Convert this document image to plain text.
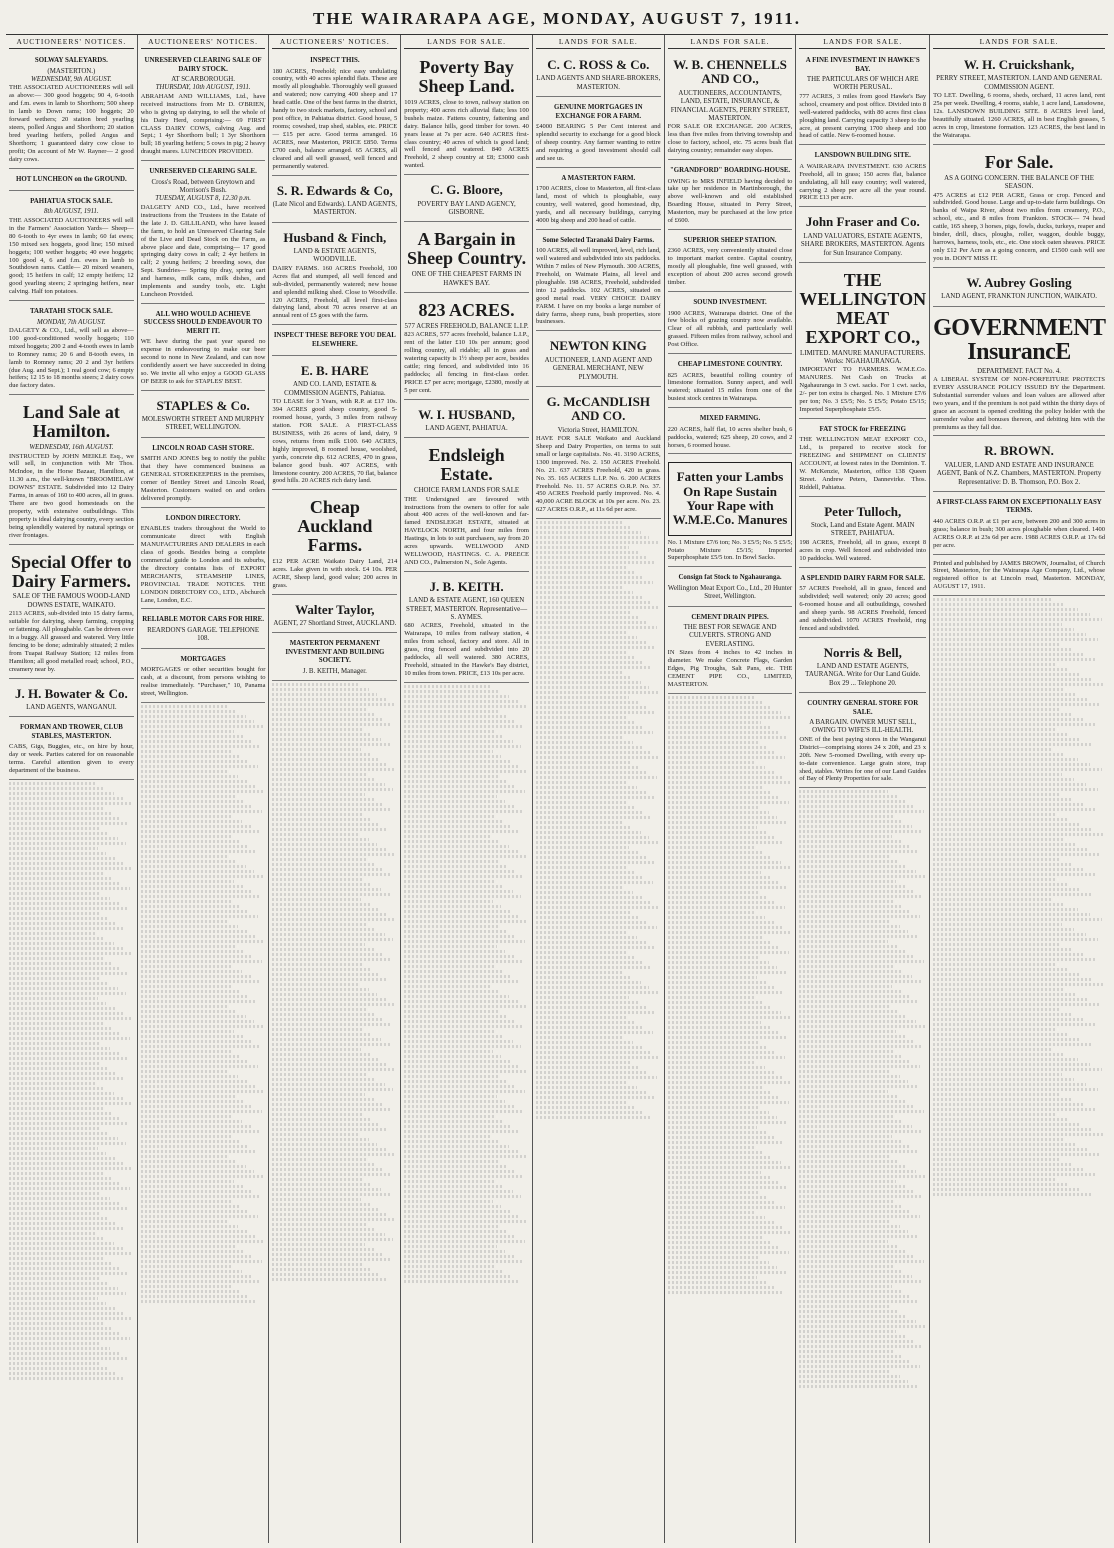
THE WAIRARAPA AGE, MONDAY, AUGUST 7, 1911.
AUCTIONEERS' NOTICES.
SOLWAY SALEYARDS.
(MASTERTON.)
WEDNESDAY, 9th AUGUST.
THE ASSOCIATED AUCTIONEERS will sell as above:— 300 good hoggets; 90 4, 6-tooth and f.m. ewes in lamb to Shorthorn; 500 sheep in lamb to Down rams; 100 hoggets; 20 forward wethers; 20 station bred yearling steers, polled Angus and Shorthorn; 20 station bred yearling heifers, polled Angus and Shorthorn; 1 guaranteed dairy cow close to profit; On account of Mr W. Rayner— 2 good dairy cows.
HOT LUNCHEON on the GROUND.
PAHIATUA STOCK SALE.
8th AUGUST, 1911.
THE ASSOCIATED AUCTIONEERS will sell in the Farmers' Association Yards— Sheep— 80 6-tooth to 4yr ewes in lamb; 60 fat ewes; 150 mixed sex hoggets, good line; 150 mixed hoggets; 100 wether hoggets; 40 ewe hoggets; 100 good 4, 6 and f.m. ewes in lamb to Southdown rams. Cattle— 20 mixed weaners, good; 15 heifers in calf; 12 empty heifers; 12 good yearling steers; 2 springing heifers, near calving. Half ton potatoes.
TARATAHI STOCK SALE.
MONDAY, 7th AUGUST.
DALGETY & CO., Ltd., will sell as above— 100 good-conditioned woolly hoggets; 110 mixed hoggets; 200 2 and 4-tooth ewes in lamb to Romney rams; 20 6 and 8-tooth ewes, in lamb to Romney rams; 20 2 and 3yr heifers (due Aug. and Sept.); 1 real good cow; 6 empty heifers; 12 15 to 18 months steers; 2 dairy cows due factory dates.
Land Sale at Hamilton.
WEDNESDAY, 16th AUGUST.
INSTRUCTED by JOHN MEIKLE Esq., we will sell, in conjunction with Mr Thos. McIndoe, in the Horse Bazaar, Hamilton, at 11.30 a.m., the well-known "BROOMIELAW DOWNS" ESTATE. Subdivided into 12 Dairy Farms, in areas of 160 to 400 acres, all in grass. There are two good homesteads on the property, with extensive outbuildings. This property is ideal dairying country, every section being splendidly watered by natural springs or river frontages.
Special Offer to Dairy Farmers.
SALE OF THE FAMOUS WOOD-LAND DOWNS ESTATE, WAIKATO.
2113 ACRES, sub-divided into 15 dairy farms, suitable for dairying, sheep farming, cropping or fattening. All ploughable. Can be driven over in a buggy. All grassed and watered. Very little fencing to be done; admirably situated; 2 miles from Tuapai Railway Station; 12 miles from Hamilton; all good metalled road; school, P.O., creamery near by.
J. H. Bowater & Co.
LAND AGENTS, WANGANUI.
FORMAN AND TROWER, CLUB STABLES, MASTERTON.
CABS, Gigs, Buggies, etc., on hire by hour, day or week. Parties catered for on reasonable terms. Careful attention given to every department of the business.
AUCTIONEERS' NOTICES.
UNRESERVED CLEARING SALE OF DAIRY STOCK.
AT SCARBOROUGH.
THURSDAY, 10th AUGUST, 1911.
ABRAHAM AND WILLIAMS, Ltd., have received instructions from Mr D. O'BRIEN, who is giving up dairying, to sell the whole of his Dairy Herd, comprising:— 69 FIRST CLASS DAIRY COWS, calving Aug. and Sept.; 1 4yr Shorthorn bull; 1 3yr Shorthorn bull; 18 yearling heifers; 5 cows in pig; 2 heavy draught mares. LUNCHEON PROVIDED.
UNRESERVED CLEARING SALE.
Cross's Road, between Greytown and Morrison's Bush.
TUESDAY, AUGUST 8, 12.30 p.m.
DALGETY AND CO., Ltd., have received instructions from the Trustees in the Estate of the late J. D. GILLILAND, who have leased the farm, to hold an Unreserved Clearing Sale of the Live and Dead Stock on the Farm, as above place and date, comprising— 17 good springing dairy cows in calf; 2 4yr heifers in calf; 2 young heifers; 2 breeding sows, due Sept. Sundries— Spring tip dray, spring cart and harness, milk cans, milk dishes, and implements and sundry tools, etc. Light Luncheon Provided.
ALL WHO WOULD ACHIEVE SUCCESS SHOULD ENDEAVOUR TO MERIT IT.
WE have during the past year spared no expense in endeavouring to make our beer second to none in New Zealand, and can now confidently assert we have succeeded in doing so. We invite all who enjoy a GOOD GLASS OF BEER to ask for STAPLES' BEST.
STAPLES & Co.
MOLESWORTH STREET AND MURPHY STREET, WELLINGTON.
LINCOLN ROAD CASH STORE.
SMITH AND JONES beg to notify the public that they have commenced business as GENERAL STOREKEEPERS in the premises, corner of Bentley Street and Lincoln Road, Masterton. Customers waited on and orders delivered promptly.
LONDON DIRECTORY.
ENABLES traders throughout the World to communicate direct with English MANUFACTURERS AND DEALERS in each class of goods. Besides being a complete commercial guide to London and its suburbs, the directory contains lists of EXPORT MERCHANTS, STEAMSHIP LINES, PROVINCIAL TRADE NOTICES. THE LONDON DIRECTORY CO., LTD., Abchurch Lane, London, E.C.
RELIABLE MOTOR CARS FOR HIRE.
REARDON'S GARAGE. TELEPHONE 108.
MORTGAGES
MORTGAGES or other securities bought for cash, at a discount, from persons wishing to realise immediately. "Purchaser," 10, Panama street, Wellington.
AUCTIONEERS' NOTICES.
INSPECT THIS.
180 ACRES, Freehold; nice easy undulating country, with 40 acres splendid flats. These are mostly all ploughable. Thoroughly well grassed and watered; now carrying 400 sheep and 17 head cattle. One of the best farms in the district, handy to two stock markets, factory, school and post office, in Pahiatua district. Good house, 5 rooms; cowshed, trap shed, stables, etc. PRICE— £15 per acre. Good terms arranged. 16 ACRES, near Masterton, PRICE £850. Terms £700 cash, balance arranged. 65 ACRES, all cleared and all well grassed, well fenced and permanently watered.
S. R. Edwards & Co,
(Late Nicol and Edwards). LAND AGENTS, MASTERTON.
Husband & Finch,
LAND & ESTATE AGENTS, WOODVILLE.
DAIRY FARMS. 160 ACRES Freehold, 100 Acres flat and stumped, all well fenced and sub-divided, permanently watered; new house and splendid milking shed. Close to Woodville. 120 ACRES, Freehold, all level first-class dairying land, about 70 acres reserve at an annual rent of £5 goes with the farm.
INSPECT THESE BEFORE YOU DEAL ELSEWHERE.
E. B. HARE
AND CO. LAND, ESTATE & COMMISSION AGENTS, Pahiatua.
TO LEASE for 3 Years, with R.P. at £17 10s. 394 ACRES good sheep country, good 5-roomed house, yards, 3 miles from railway station. FOR SALE. A FIRST-CLASS BUSINESS, with 26 acres of land, dairy, 9 cows, returns from milk £100. 640 ACRES, highly improved, 8 roomed house, woolshed, yards, concrete dip. 612 ACRES, 470 in grass, balance good bush. 407 ACRES, with limestone country. 200 ACRES, 70 flat, balance good hills. 20 ACRES rich dairy land.
Cheap Auckland Farms.
£12 PER ACRE Waikato Dairy Land, 214 acres. Lake given in with stock. £4 10s. PER ACRE, Sheep land, good value; 200 acres in grass.
Walter Taylor,
AGENT, 27 Shortland Street, AUCKLAND.
MASTERTON PERMANENT INVESTMENT AND BUILDING SOCIETY.
J. B. KEITH, Manager.
LANDS FOR SALE.
Poverty Bay Sheep Land.
1019 ACRES, close to town, railway station on property; 400 acres rich alluvial flats; less 100 bushels maize. Fattens country, fattening and dairy. Balance hills, good timber for town. 40 years lease at 7s per acre. 640 ACRES first-class country; 40 acres of which is good land; well fenced and watered. 840 ACRES Freehold, 2 sheep country at £8; £3000 cash wanted.
C. G. Bloore,
POVERTY BAY LAND AGENCY, GISBORNE.
A Bargain in Sheep Country.
ONE OF THE CHEAPEST FARMS IN HAWKE'S BAY.
823 ACRES.
577 ACRES FREEHOLD, BALANCE L.I.P.
823 ACRES, 577 acres freehold, balance L.I.P., rent of the latter £10 10s per annum; good rolling country, all ridable; all in grass and watering capacity is 1½ sheep per acre, besides cattle; ring fenced, and subdivided into 16 paddocks; all fencing in first-class order. PRICE £7 per acre; mortgage, £2380, mostly at 5 per cent.
W. I. HUSBAND,
LAND AGENT, PAHIATUA.
Endsleigh Estate.
CHOICE FARM LANDS FOR SALE
THE Undersigned are favoured with instructions from the owners to offer for sale about 400 acres of the well-known and far-famed ENDSLEIGH ESTATE, situated at HAVELOCK NORTH, and four miles from Hastings, in lots to suit purchasers, say from 20 acres upwards. WELLWOOD AND WELLWOOD, HASTINGS. C. A. PREECE AND CO., Palmerston N., Sole Agents.
J. B. KEITH.
LAND & ESTATE AGENT, 160 QUEEN STREET, MASTERTON. Representative—S. AYMES.
680 ACRES, Freehold, situated in the Wairarapa, 10 miles from railway station, 4 miles from school, factory and store. All in grass, ring fenced and subdivided into 20 paddocks, all well watered. 380 ACRES, Freehold, situated in the Hawke's Bay district, 10 miles from town. PRICE, £13 10s per acre.
LANDS FOR SALE.
C. C. ROSS & Co.
LAND AGENTS AND SHARE-BROKERS, MASTERTON.
GENUINE MORTGAGES IN EXCHANGE FOR A FARM.
£4000 BEARING 5 Per Cent interest and splendid security to exchange for a good block of sheep country. Any farmer wanting to retire and requiring a good investment should call and see us.
A MASTERTON FARM.
1700 ACRES, close to Masterton, all first-class land, most of which is ploughable, easy country, well watered, good homestead, dip, yards, and all necessary buildings, carrying 4000 big sheep and 200 head of cattle.
Some Selected Taranaki Dairy Farms.
100 ACRES, all well improved, level, rich land, well watered and subdivided into six paddocks. Within 7 miles of New Plymouth. 300 ACRES, Freehold, on Waimate Plains, all level and ploughable. 198 ACRES, Freehold, subdivided into 12 paddocks. 102 ACRES, situated on good metal road. VERY CHOICE DAIRY FARM. I have on my books a large number of dairy farms, sheep runs, bush properties, store businesses.
NEWTON KING
AUCTIONEER, LAND AGENT AND GENERAL MERCHANT, NEW PLYMOUTH.
G. McCANDLISH AND CO.
Victoria Street, HAMILTON.
HAVE FOR SALE Waikato and Auckland Sheep and Dairy Properties, on terms to suit small or large capitalists. No. 41. 3190 ACRES, 1300 improved. No. 2. 150 ACRES Freehold. No. 21. 637 ACRES Freehold, 420 in grass. No. 35. 165 ACRES L.I.P. No. 6. 200 ACRES Freehold. No. 11. 57 ACRES O.R.P. No. 37. 450 ACRES Freehold partly improved. No. 4. 40,000 ACRE BLOCK at 10s per acre. No. 23. 627 ACRES O.R.P., at 11s 6d per acre.
LANDS FOR SALE.
W. B. CHENNELLS AND CO.,
AUCTIONEERS, ACCOUNTANTS, LAND, ESTATE, INSURANCE, & FINANCIAL AGENTS, PERRY STREET, MASTERTON.
FOR SALE OR EXCHANGE. 200 ACRES, less than five miles from thriving township and close to factory, school, etc. 75 acres bush flat dairying country; remainder easy slopes.
"GRANDFORD" BOARDING-HOUSE.
OWING to MRS INFIELD having decided to take up her residence in Martinborough, the above well-known and old established Boarding House, situated in Perry Street, Masterton, may be purchased at the low price of £600.
SUPERIOR SHEEP STATION.
2360 ACRES, very conveniently situated close to important market centre. Capital country, mostly all ploughable, fine well grassed, with exception of about 200 acres second growth timber.
SOUND INVESTMENT.
1900 ACRES, Wairarapa district. One of the few blocks of grazing country now available. Clear of all rubbish, and particularly well grassed. Fifteen miles from railway, school and Post Office.
CHEAP LIMESTONE COUNTRY.
825 ACRES, beautiful rolling country of limestone formation. Sunny aspect, and well watered; situated 15 miles from one of the busiest stock centres in Wairarapa.
MIXED FARMING.
220 ACRES, half flat, 10 acres shelter bush, 6 paddocks, watered; 625 sheep, 20 cows, and 2 horses, 6 roomed house.
Fatten your Lambs On Rape Sustain Your Rape with W.M.E.Co. Manures
No. 1 Mixture £7/6 ton; No. 3 £5/5; No. 5 £5/5; Potato Mixture £5/15; Imported Superphosphate £5/5 ton. In Bowl Sacks.
Consign fat Stock to Ngahauranga.
Wellington Meat Export Co., Ltd., 20 Hunter Street, Wellington.
CEMENT DRAIN PIPES.
THE BEST FOR SEWAGE AND CULVERTS. STRONG AND EVERLASTING.
IN Sizes from 4 inches to 42 inches in diameter. We make Concrete Flags, Garden Edges, Pig Troughs, Salt Pans, etc. THE CEMENT PIPE CO., LIMITED, MASTERTON.
LANDS FOR SALE.
A FINE INVESTMENT IN HAWKE'S BAY.
THE PARTICULARS OF WHICH ARE WORTH PERUSAL.
777 ACRES, 3 miles from good Hawke's Bay school, creamery and post office. Divided into 8 well-watered paddocks, with 80 acres first class ploughing land. Carrying capacity 3 sheep to the acre, at present carrying 1700 sheep and 100 head of cattle. New 6-roomed house.
LANSDOWN BUILDING SITE.
A WAIRARAPA INVESTMENT. 630 ACRES Freehold, all in grass; 150 acres flat, balance undulating, all hill easy country; well watered, carrying 2 sheep per acre all the year round. PRICE £13 per acre.
John Fraser and Co.
LAND VALUATORS, ESTATE AGENTS, SHARE BROKERS, MASTERTON. Agents for Sun Insurance Company.
THE WELLINGTON MEAT EXPORT CO.,
LIMITED. MANURE MANUFACTURERS. Works: NGAHAURANGA.
IMPORTANT TO FARMERS. W.M.E.Co. MANURES. Net Cash on Trucks at Ngahauranga in 3 cwt. sacks. For 1 cwt. sacks, 2/- per ton extra is charged. No. 1 Mixture £7/6 per ton; No. 3 £5/5; No. 5 £5/5; Potato £5/15; Imported Superphosphate £5/5.
FAT STOCK for FREEZING
THE WELLINGTON MEAT EXPORT CO., Ltd., is prepared to receive stock for FREEZING and SHIPMENT on CLIENTS' ACCOUNT, at lowest rates in the Dominion. T. W. McKenzie, Masterton, office 138 Queen Street. Andrew Peters, Dannevirke. Thos. Riddell, Pahiatua.
Peter Tulloch,
Stock, Land and Estate Agent. MAIN STREET, PAHIATUA.
198 ACRES, Freehold, all in grass, except 8 acres in crop. Well fenced and subdivided into 10 paddocks. Well watered.
A SPLENDID DAIRY FARM FOR SALE.
57 ACRES Freehold, all in grass, fenced and subdivided; well watered; only 20 acres; good 6-roomed house and all outbuildings, cowshed and sheep yards. 98 ACRES Freehold, fenced and subdivided. 1070 ACRES Freehold, ring fenced and subdivided.
Norris & Bell,
LAND AND ESTATE AGENTS, TAURANGA. Write for Our Land Guide. Box 29 ... Telephone 20.
COUNTRY GENERAL STORE FOR SALE.
A BARGAIN. OWNER MUST SELL, OWING TO WIFE'S ILL-HEALTH.
ONE of the best paying stores in the Wanganui District—comprising stores 24 x 20ft, and 23 x 20ft. New 5-roomed Dwelling, with every up-to-date convenience. Large grain store, trap shed, stables. Writes for one of our Land Guides of Bay of Plenty Properties for sale.
LANDS FOR SALE.
W. H. Cruickshank,
PERRY STREET, MASTERTON. LAND AND GENERAL COMMISSION AGENT.
TO LET. Dwelling, 6 rooms, sheds, orchard, 11 acres land, rent 25s per week. Dwelling, 4 rooms, stable, 1 acre land, Lansdowne, 12s. LANSDOWN BUILDING SITE. 8 ACRES level land, beautifully situated. 1260 ACRES, all in best English grasses, 5 acres in crop, limestone formation. 123 ACRES, the best land in the Wairarapa.
For Sale.
AS A GOING CONCERN. THE BALANCE OF THE SEASON.
475 ACRES at £12 PER ACRE, Grass or crop. Fenced and subdivided. Good house. Large and up-to-date farm buildings. On banks of Waipa River, about two miles from creamery, P.O., school, etc., and 8 miles from Frankton. STOCK— 74 head cattle, 165 sheep, 3 horses, pigs, fowls, ducks, turkeys, reaper and binder, drill, discs, ploughs, roller, waggon, double buggy, harrows, harness, tools, etc., etc. One stock oaten sheaves. PRICE only £12 Per Acre as a going concern, and £1500 cash will see you in. DON'T MISS IT.
W. Aubrey Gosling
LAND AGENT, FRANKTON JUNCTION, WAIKATO.
GOVERNMENT InsurancE
DEPARTMENT. FACT No. 4.
A LIBERAL SYSTEM OF NON-FORFEITURE PROTECTS EVERY ASSURANCE POLICY ISSUED BY the Department. Substantial surrender values and loan values are allowed after two years, and if the premium is not paid within the thirty days of grace an account is opened crediting the policy holder with the surrender value and bonuses thereon, and debiting him with the premiums as they fall due.
R. BROWN.
VALUER, LAND AND ESTATE AND INSURANCE AGENT, Bank of N.Z. Chambers, MASTERTON. Property Representative: D. B. Thomson, P.O. Box 2.
A FIRST-CLASS FARM ON EXCEPTIONALLY EASY TERMS.
440 ACRES O.R.P. at £1 per acre, between 200 and 300 acres in grass; balance in bush; 300 acres ploughable when cleared. 1400 ACRES O.R.P. at 23s 6d per acre. 1988 ACRES O.R.P. at 17s 6d per acre.
Printed and published by JAMES BROWN, Journalist, of Church Street, Masterton, for the Wairarapa Age Company, Ltd., whose registered office is at Lincoln road, Masterton. MONDAY, AUGUST 17, 1911.
